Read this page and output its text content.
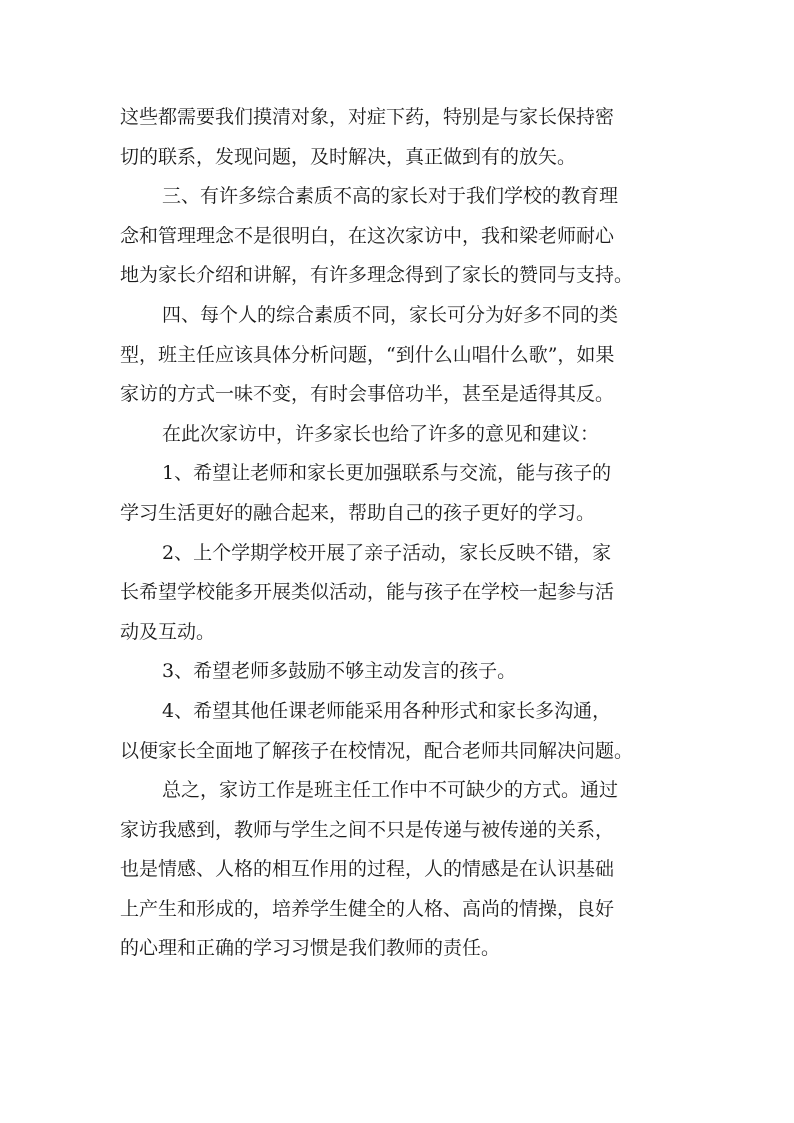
这些都需要我们摸清对象，对症下药，特别是与家长保持密
切的联系，发现问题，及时解决，真正做到有的放矢。
三、有许多综合素质不高的家长对于我们学校的教育理
念和管理理念不是很明白，在这次家访中，我和梁老师耐心
地为家长介绍和讲解，有许多理念得到了家长的赞同与支持。
四、每个人的综合素质不同，家长可分为好多不同的类
型，班主任应该具体分析问题，“到什么山唱什么歌”，如果
家访的方式一味不变，有时会事倍功半，甚至是适得其反。
在此次家访中，许多家长也给了许多的意见和建议：
1、希望让老师和家长更加强联系与交流，能与孩子的
学习生活更好的融合起来，帮助自己的孩子更好的学习。
2、上个学期学校开展了亲子活动，家长反映不错，家
长希望学校能多开展类似活动，能与孩子在学校一起参与活
动及互动。
3、希望老师多鼓励不够主动发言的孩子。
4、希望其他任课老师能采用各种形式和家长多沟通，
以便家长全面地了解孩子在校情况，配合老师共同解决问题。
总之，家访工作是班主任工作中不可缺少的方式。通过
家访我感到，教师与学生之间不只是传递与被传递的关系，
也是情感、人格的相互作用的过程，人的情感是在认识基础
上产生和形成的，培养学生健全的人格、高尚的情操，良好
的心理和正确的学习习惯是我们教师的责任。
